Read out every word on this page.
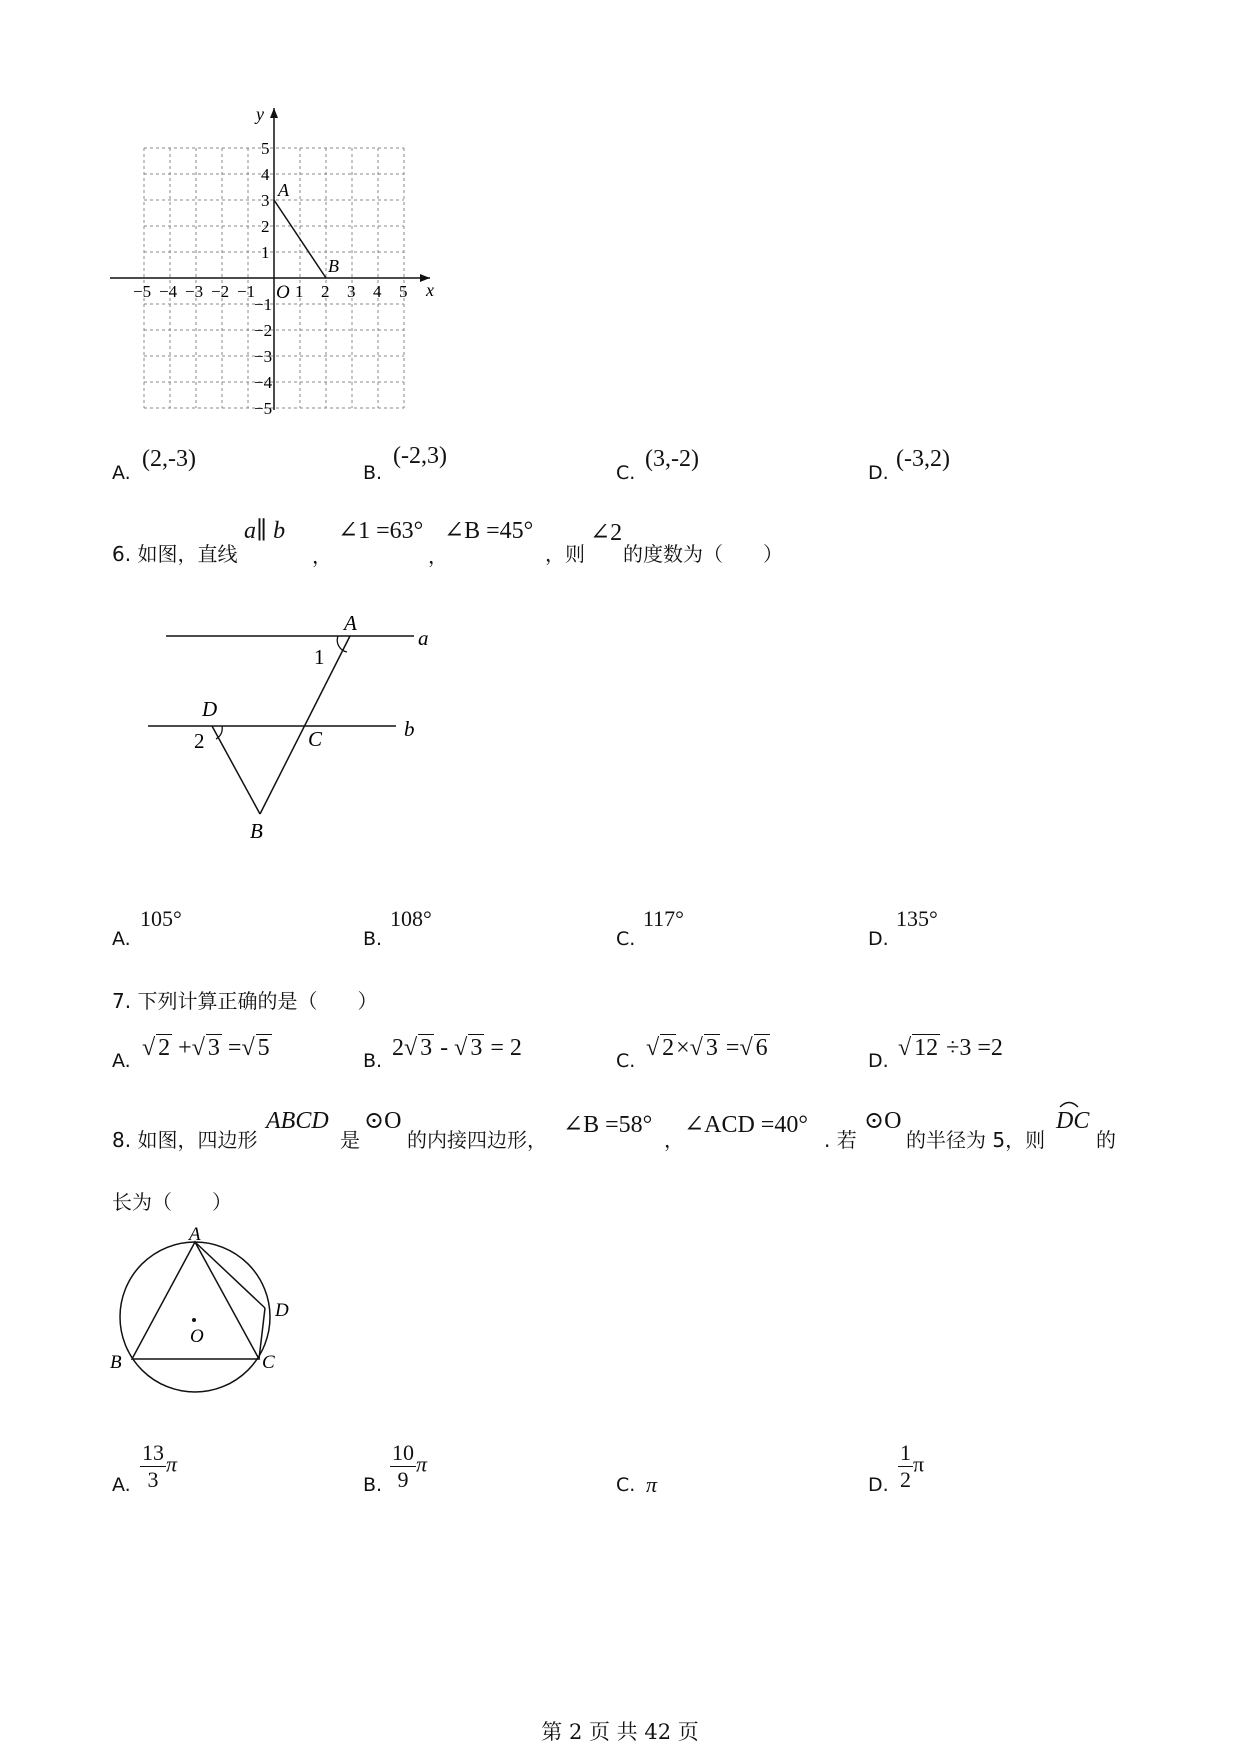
−5 −4 −3 −2 −1 1 2 3 4 5
5
4
3
2
1
−1
−2
−3
−4
−5
x
y
O
A
B
A.
(2,-3)
B.
(-2,3)
C.
(3,-2)
D.
(-3,2)
6. 如图，直线
a∥ b
，
∠1 =63°
，
∠B =45°
，则
∠2
的度数为（　　）
A
a
1
D
2	C	b
B
A.
105°
B.
108°
C.
117°
D.
135°
7. 下列计算正确的是（　　）
A. √ 2 +√ 3 =√ 5	B. 2√ 3 - √ 3 = 2	C. √ 2×√ 3 =√ 6	D. √ 12 ÷3 =2
8. 如图，四边形
ABCD
是
⊙O
的内接四边形，
∠B =58°
，
∠ACD =40°
. 若
⊙O
的半径为 5，则
DC
的
长为（　　）
A
D
O
B	C
A. $\frac{13}{3}$ π
B. $\frac{10}{9}$ π
C. π	D. $\frac{1}{2}$ π
第 2 页 共 42 页
